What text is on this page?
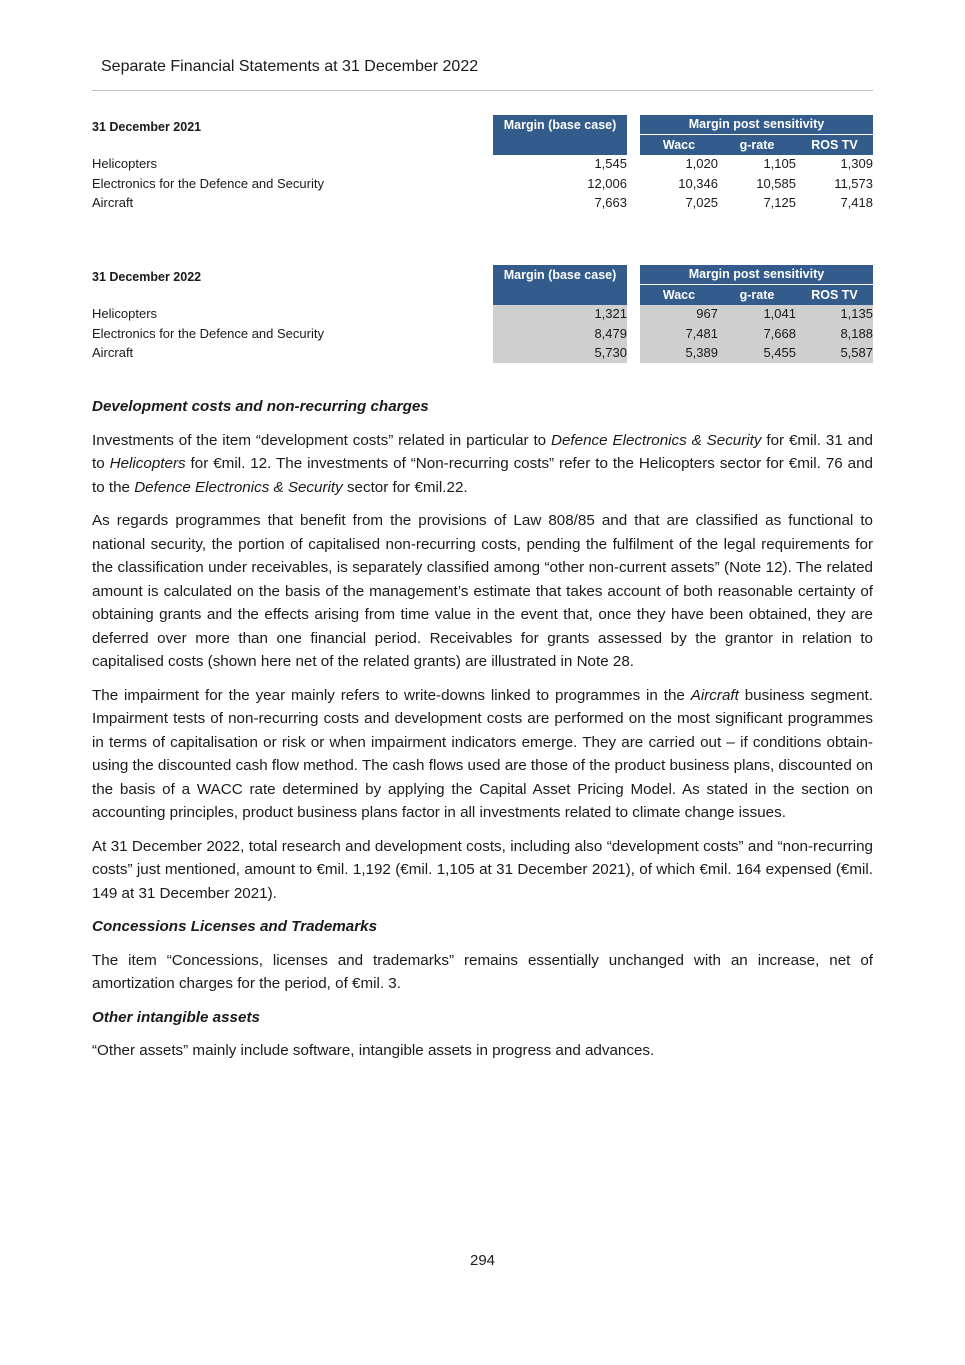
Separate Financial Statements at 31 December 2022
31 December 2021	Margin (base case)	Margin post sensitivity
Wacc	g-rate	ROS TV
Helicopters	1,545	1,020	1,105	1,309
Electronics for the Defence and Security	12,006	10,346	10,585	11,573
Aircraft	7,663	7,025	7,125	7,418
31 December 2022	Margin (base case)	Margin post sensitivity
Wacc	g-rate	ROS TV
Helicopters	1,321	967	1,041	1,135
Electronics for the Defence and Security	8,479	7,481	7,668	8,188
Aircraft	5,730	5,389	5,455	5,587
Development costs and non-recurring charges

Investments of the item “development costs” related in particular to Defence Electronics & Security for €mil. 31 and to Helicopters for €mil. 12. The investments of “Non-recurring costs” refer to the Helicopters sector for €mil. 76 and to the Defence Electronics & Security sector for €mil.22.

As regards programmes that benefit from the provisions of Law 808/85 and that are classified as functional to national security, the portion of capitalised non-recurring costs, pending the fulfilment of the legal requirements for the classification under receivables, is separately classified among “other non-current assets” (Note 12). The related amount is calculated on the basis of the management’s estimate that takes account of both reasonable certainty of obtaining grants and the effects arising from time value in the event that, once they have been obtained, they are deferred over more than one financial period. Receivables for grants assessed by the grantor in relation to capitalised costs (shown here net of the related grants) are illustrated in Note 28.

The impairment for the year mainly refers to write-downs linked to programmes in the Aircraft business segment. Impairment tests of non-recurring costs and development costs are performed on the most significant programmes in terms of capitalisation or risk or when impairment indicators emerge. They are carried out – if conditions obtain- using the discounted cash flow method. The cash flows used are those of the product business plans, discounted on the basis of a WACC rate determined by applying the Capital Asset Pricing Model. As stated in the section on accounting principles, product business plans factor in all investments related to climate change issues.

At 31 December 2022, total research and development costs, including also “development costs” and “non-recurring costs” just mentioned, amount to €mil. 1,192 (€mil. 1,105 at 31 December 2021), of which €mil. 164 expensed (€mil. 149 at 31 December 2021).

Concessions Licenses and Trademarks

The item “Concessions, licenses and trademarks” remains essentially unchanged with an increase, net of amortization charges for the period, of €mil. 3.

Other intangible assets

“Other assets” mainly include software, intangible assets in progress and advances.

294
